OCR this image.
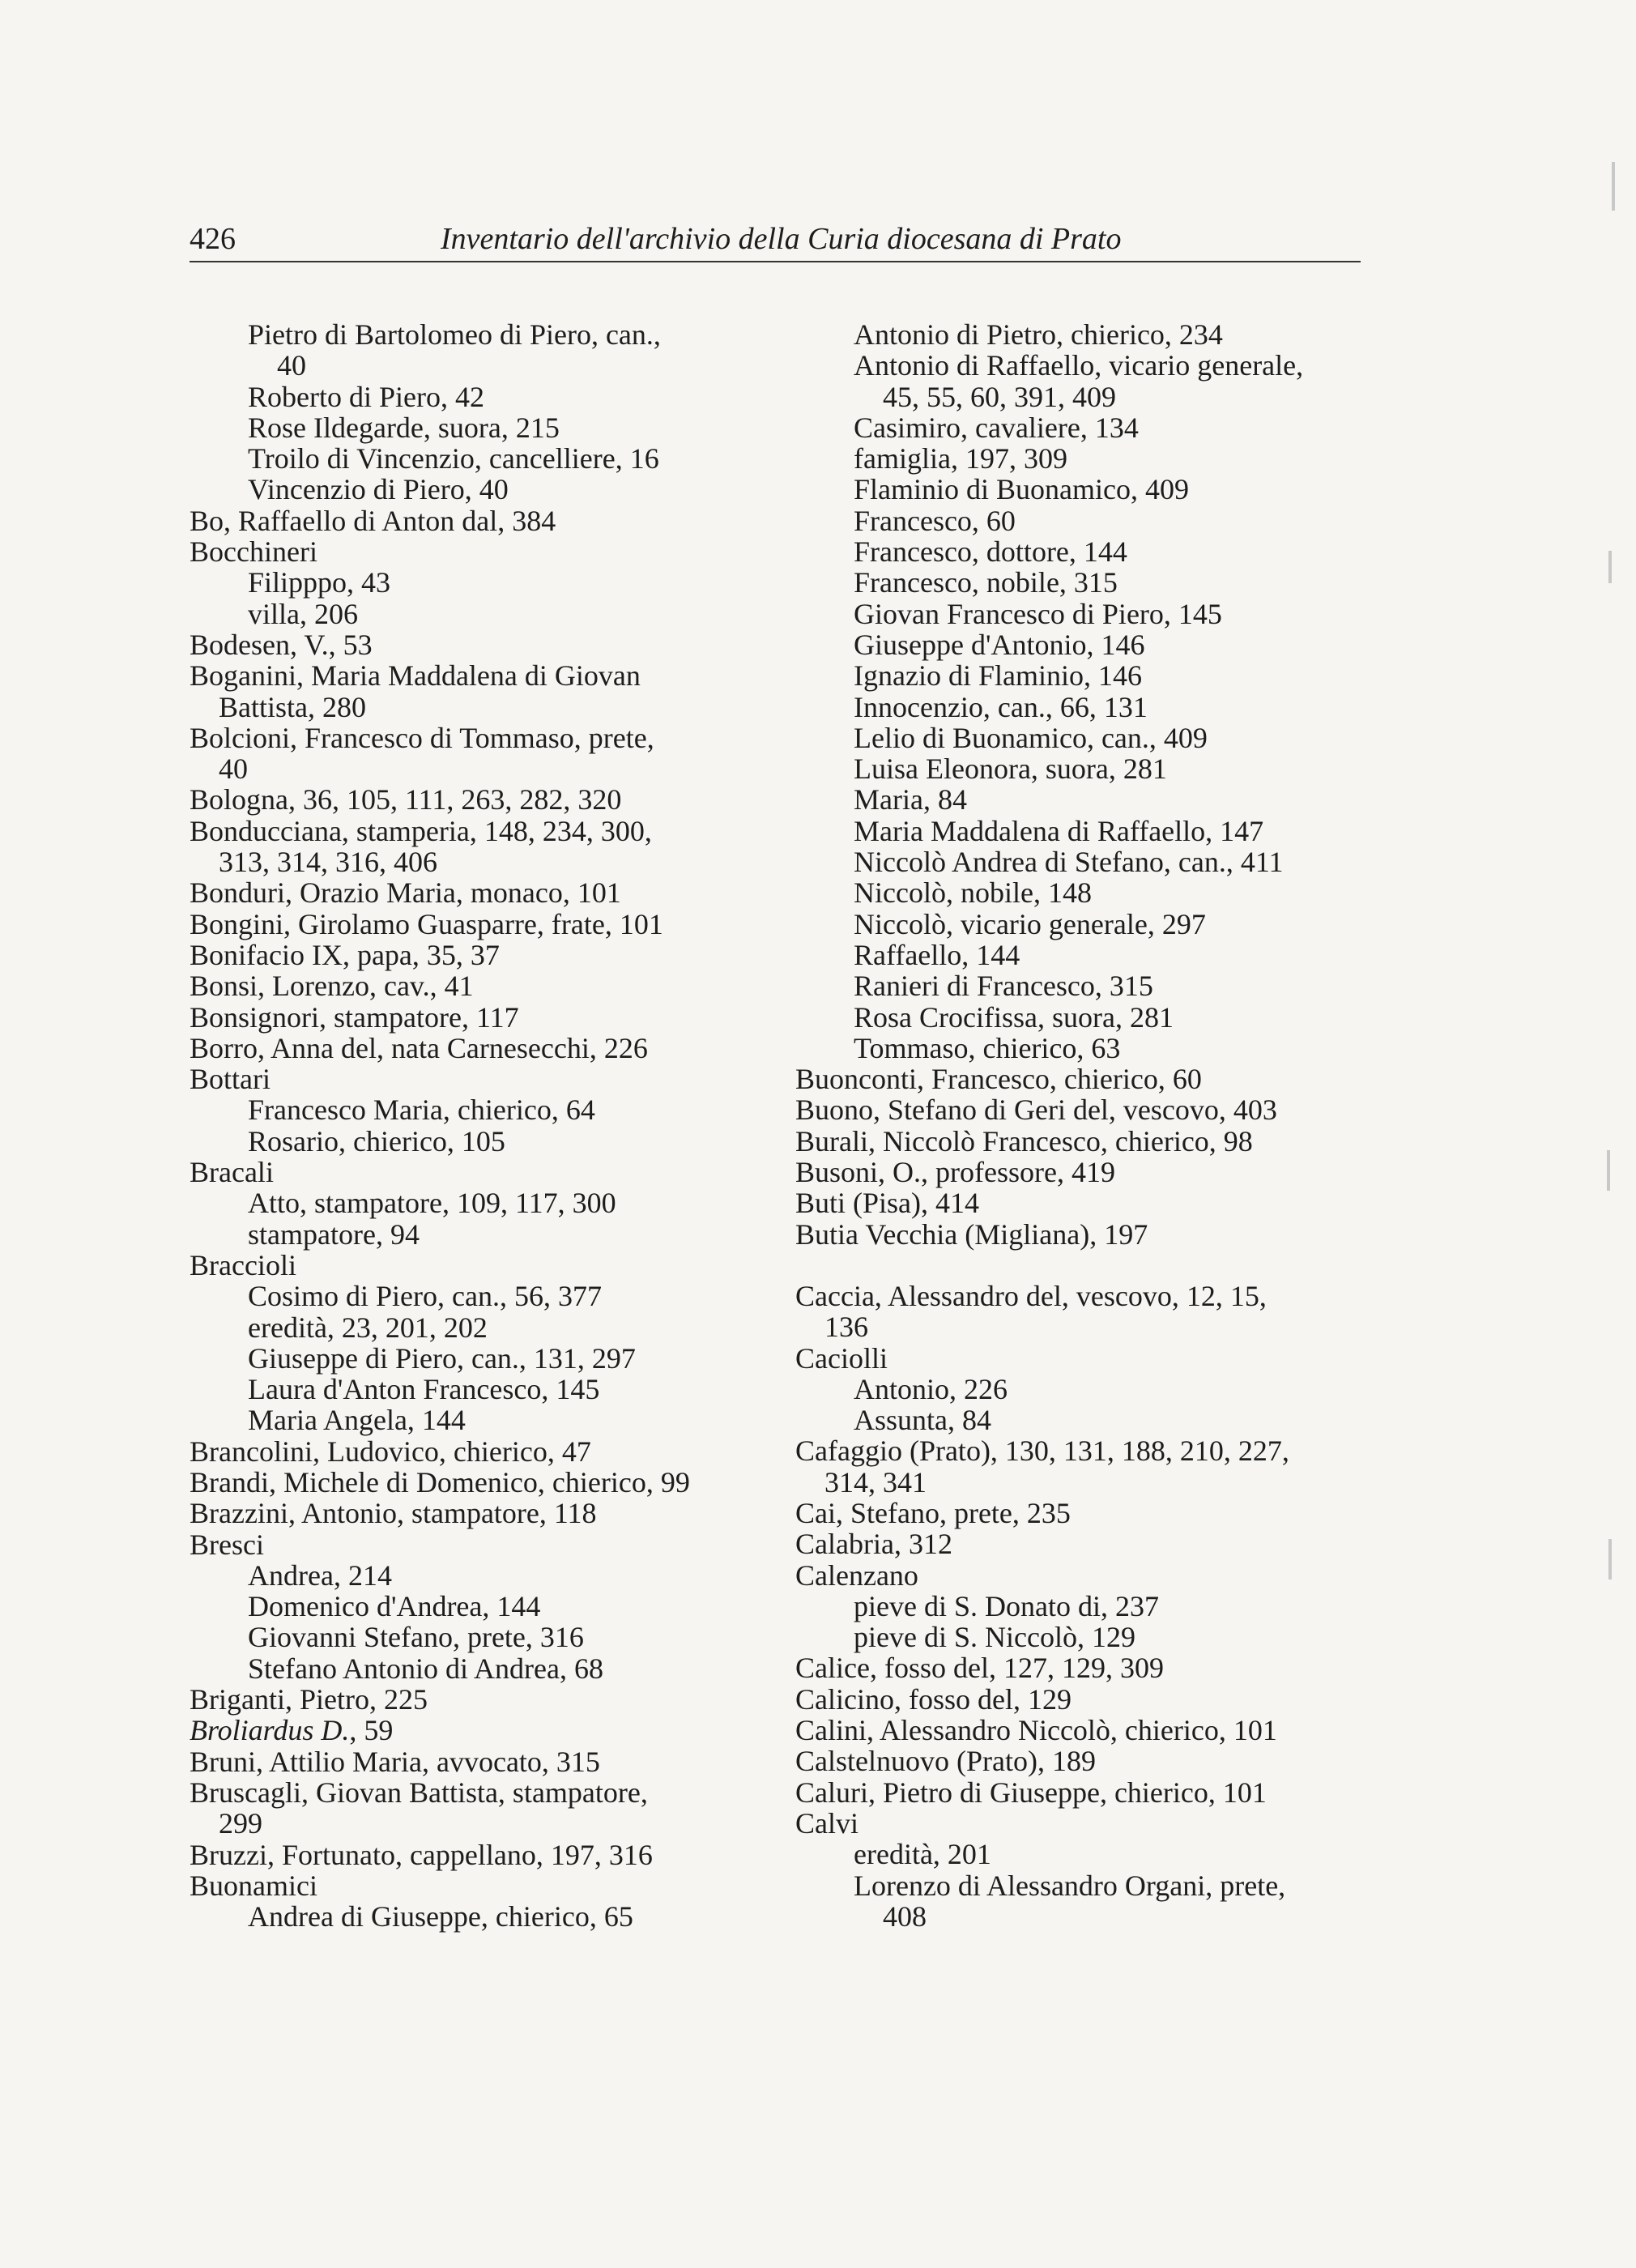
426	Inventario dell'archivio della Curia diocesana di Prato
Pietro di Bartolomeo di Piero, can.,
40
Roberto di Piero, 42
Rose Ildegarde, suora, 215
Troilo di Vincenzio, cancelliere, 16
Vincenzio di Piero, 40
Bo, Raffaello di Anton dal, 384
Bocchineri
Filipppo, 43
villa, 206
Bodesen, V., 53
Boganini, Maria Maddalena di Giovan
Battista, 280
Bolcioni, Francesco di Tommaso, prete,
40
Bologna, 36, 105, 111, 263, 282, 320
Bonducciana, stamperia, 148, 234, 300,
313, 314, 316, 406
Bonduri, Orazio Maria, monaco, 101
Bongini, Girolamo Guasparre, frate, 101
Bonifacio IX, papa, 35, 37
Bonsi, Lorenzo, cav., 41
Bonsignori, stampatore, 117
Borro, Anna del, nata Carnesecchi, 226
Bottari
Francesco Maria, chierico, 64
Rosario, chierico, 105
Bracali
Atto, stampatore, 109, 117, 300
stampatore, 94
Braccioli
Cosimo di Piero, can., 56, 377
eredità, 23, 201, 202
Giuseppe di Piero, can., 131, 297
Laura d'Anton Francesco, 145
Maria Angela, 144
Brancolini, Ludovico, chierico, 47
Brandi, Michele di Domenico, chierico, 99
Brazzini, Antonio, stampatore, 118
Bresci
Andrea, 214
Domenico d'Andrea, 144
Giovanni Stefano, prete, 316
Stefano Antonio di Andrea, 68
Briganti, Pietro, 225
Broliardus D., 59
Bruni, Attilio Maria, avvocato, 315
Bruscagli, Giovan Battista, stampatore,
299
Bruzzi, Fortunato, cappellano, 197, 316
Buonamici
Andrea di Giuseppe, chierico, 65
Antonio di Pietro, chierico, 234
Antonio di Raffaello, vicario generale,
45, 55, 60, 391, 409
Casimiro, cavaliere, 134
famiglia, 197, 309
Flaminio di Buonamico, 409
Francesco, 60
Francesco, dottore, 144
Francesco, nobile, 315
Giovan Francesco di Piero, 145
Giuseppe d'Antonio, 146
Ignazio di Flaminio, 146
Innocenzio, can., 66, 131
Lelio di Buonamico, can., 409
Luisa Eleonora, suora, 281
Maria, 84
Maria Maddalena di Raffaello, 147
Niccolò Andrea di Stefano, can., 411
Niccolò, nobile, 148
Niccolò, vicario generale, 297
Raffaello, 144
Ranieri di Francesco, 315
Rosa Crocifissa, suora, 281
Tommaso, chierico, 63
Buonconti, Francesco, chierico, 60
Buono, Stefano di Geri del, vescovo, 403
Burali, Niccolò Francesco, chierico, 98
Busoni, O., professore, 419
Buti (Pisa), 414
Butia Vecchia (Migliana), 197
Caccia, Alessandro del, vescovo, 12, 15,
136
Caciolli
Antonio, 226
Assunta, 84
Cafaggio (Prato), 130, 131, 188, 210, 227,
314, 341
Cai, Stefano, prete, 235
Calabria, 312
Calenzano
pieve di S. Donato di, 237
pieve di S. Niccolò, 129
Calice, fosso del, 127, 129, 309
Calicino, fosso del, 129
Calini, Alessandro Niccolò, chierico, 101
Calstelnuovo (Prato), 189
Caluri, Pietro di Giuseppe, chierico, 101
Calvi
eredità, 201
Lorenzo di Alessandro Organi, prete,
408
